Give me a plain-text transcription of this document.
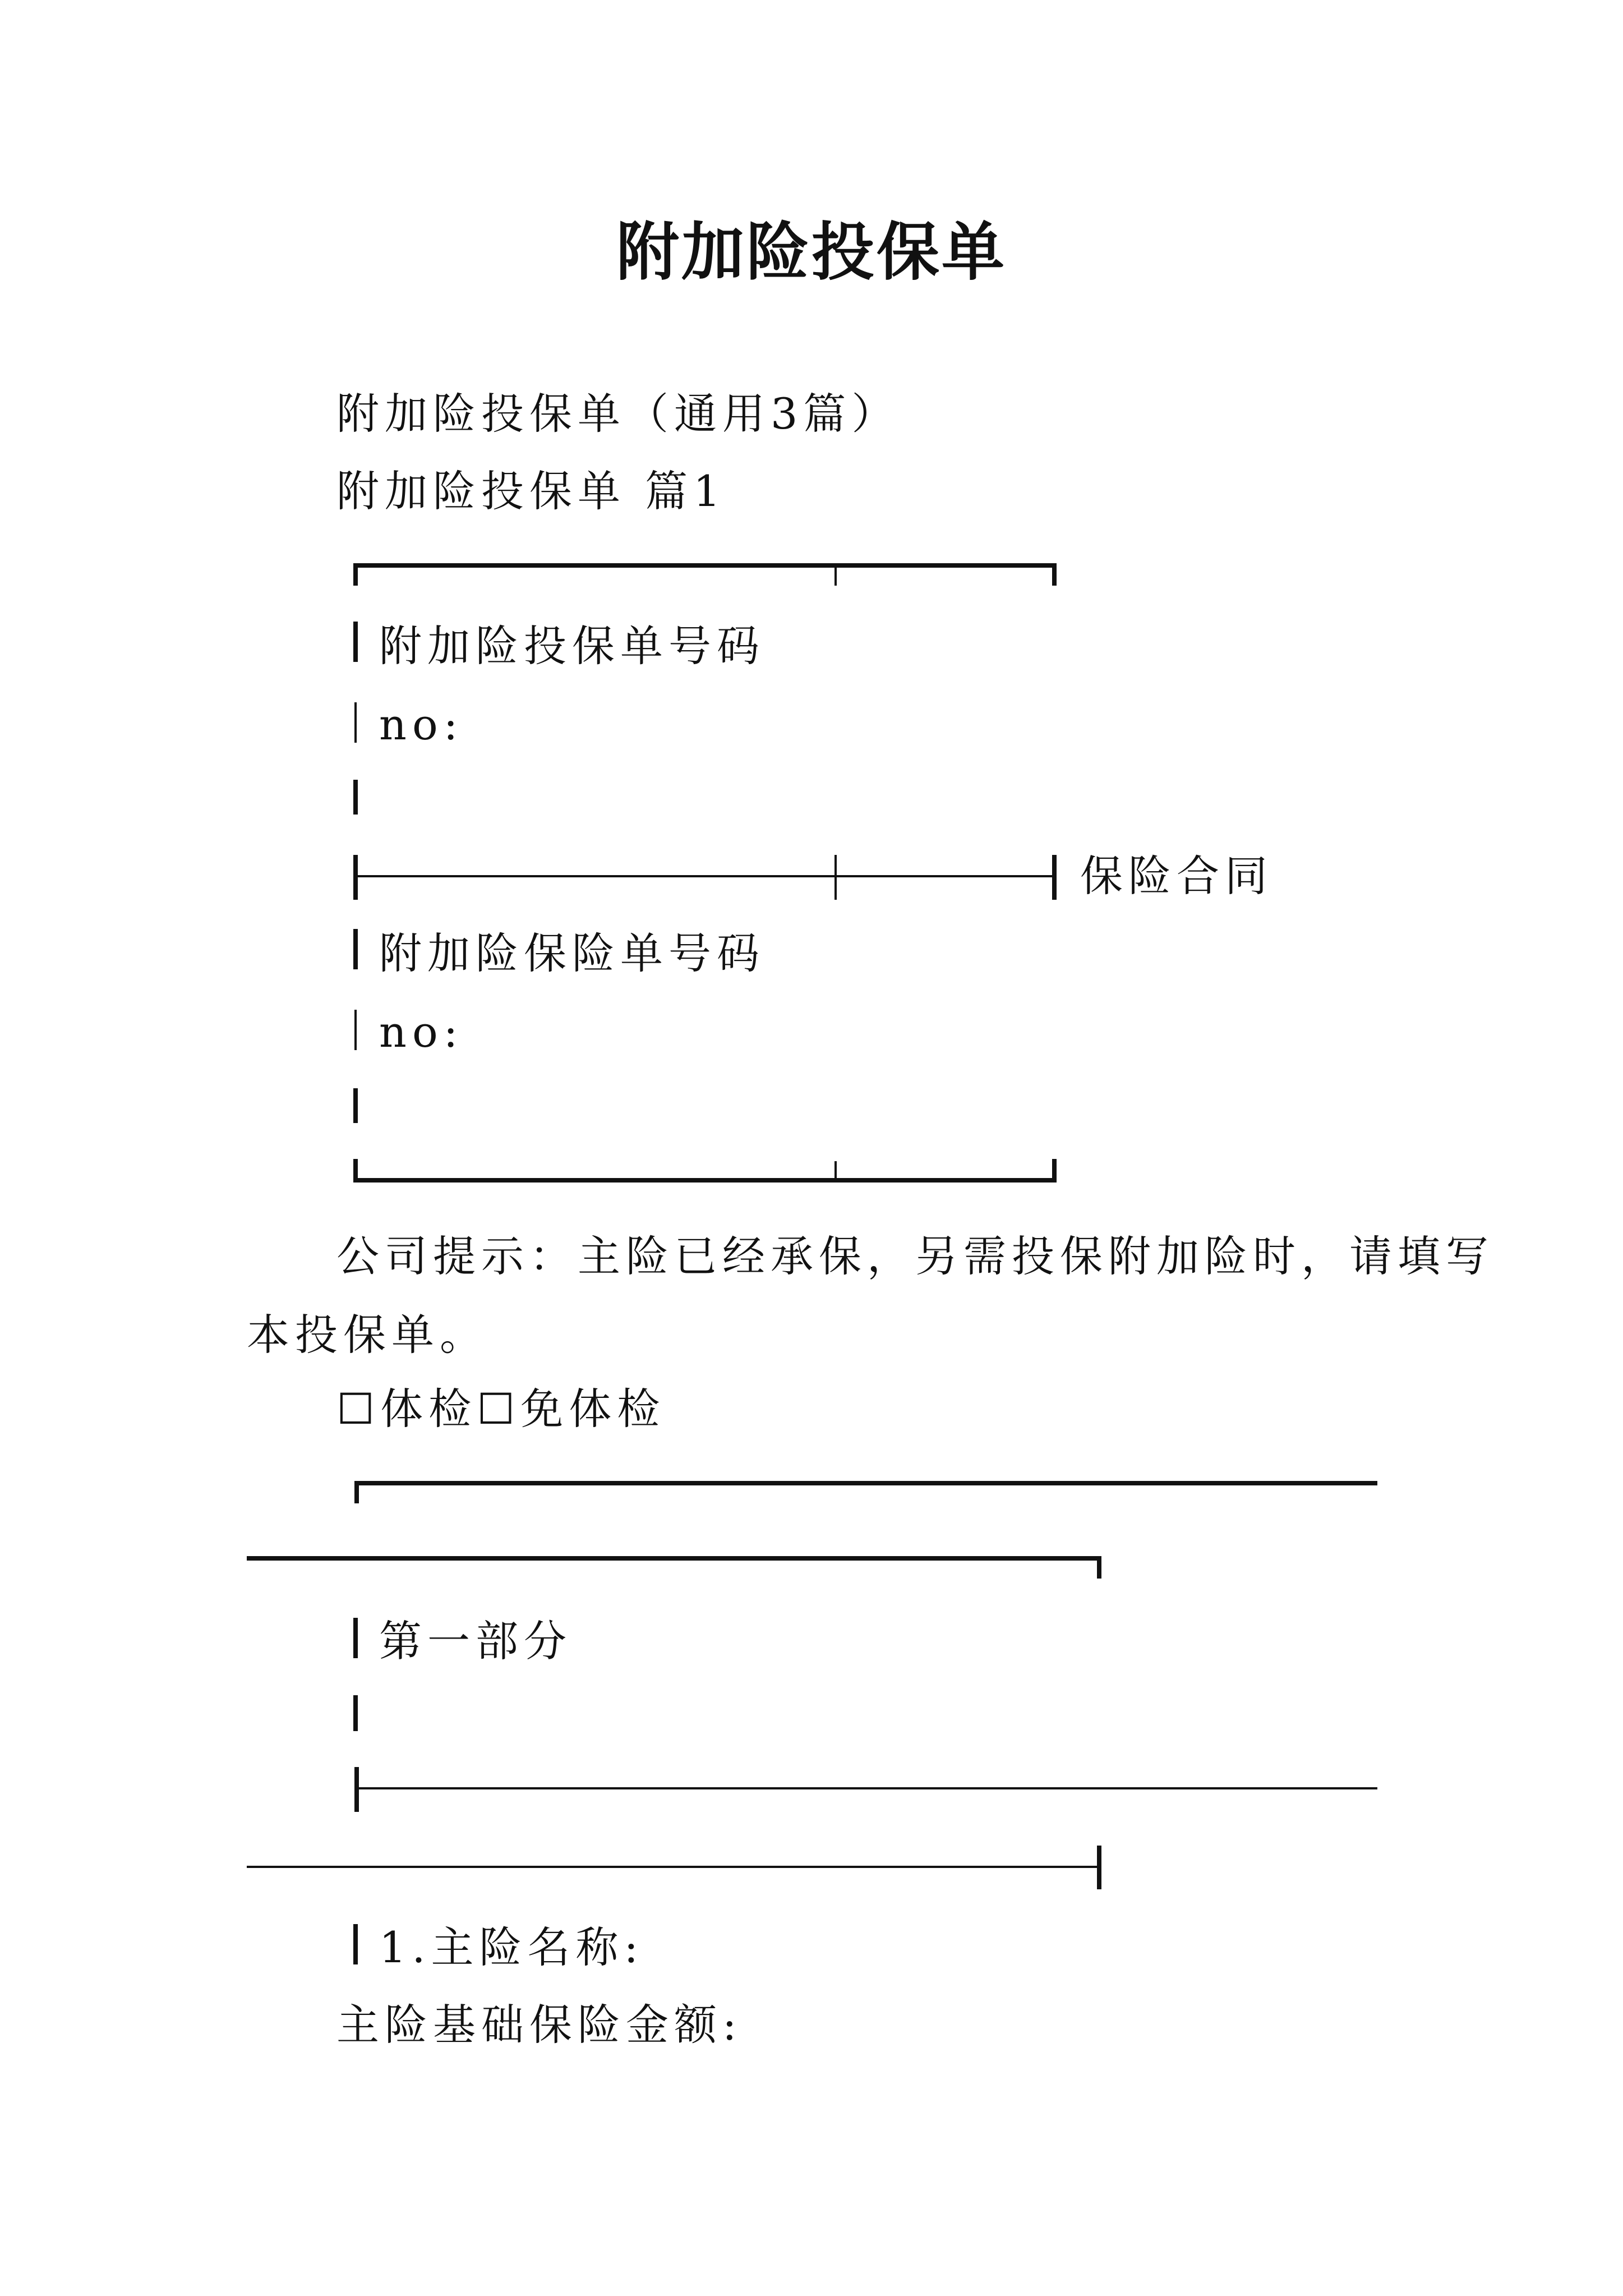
附加险投保单
附加险投保单（通用3篇）
附加险投保单 篇1
附加险投保单号码
no:
保险合同
附加险保险单号码
no:
公司提示：主险已经承保，另需投保附加险时，请填写
本投保单。
☐体检☐免体检
第一部分
1.主险名称:
主险基础保险金额:
